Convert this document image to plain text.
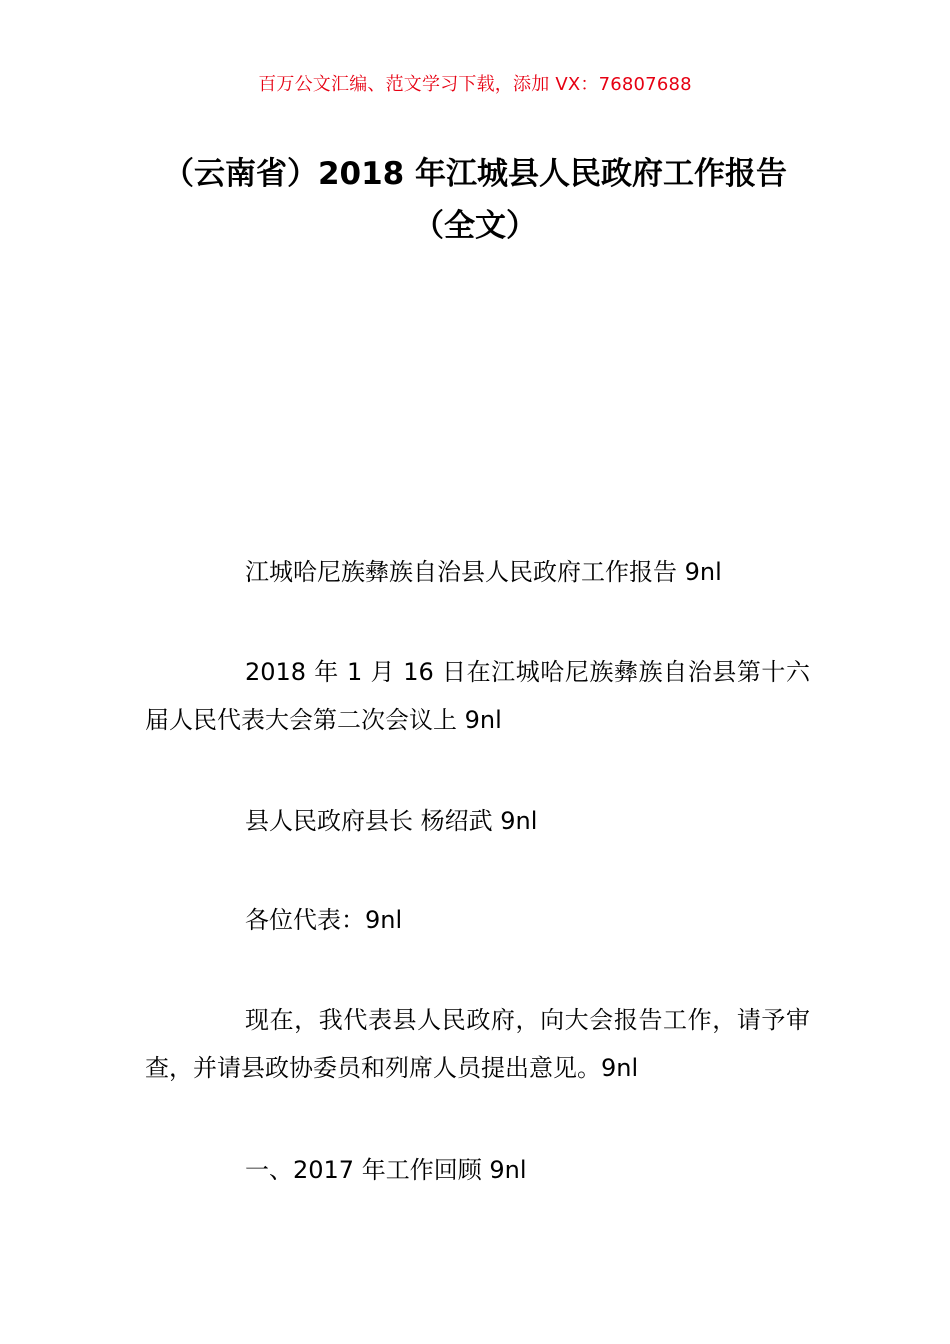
百万公文汇编、范文学习下载，添加 VX：76807688
（云南省）2018 年江城县人民政府工作报告（全文）
江城哈尼族彝族自治县人民政府工作报告 9nl
2018 年 1 月 16 日在江城哈尼族彝族自治县第十六届人民代表大会第二次会议上 9nl
县人民政府县长 杨绍武 9nl
各位代表：9nl
现在，我代表县人民政府，向大会报告工作，请予审查，并请县政协委员和列席人员提出意见。9nl
一、2017 年工作回顾 9nl
